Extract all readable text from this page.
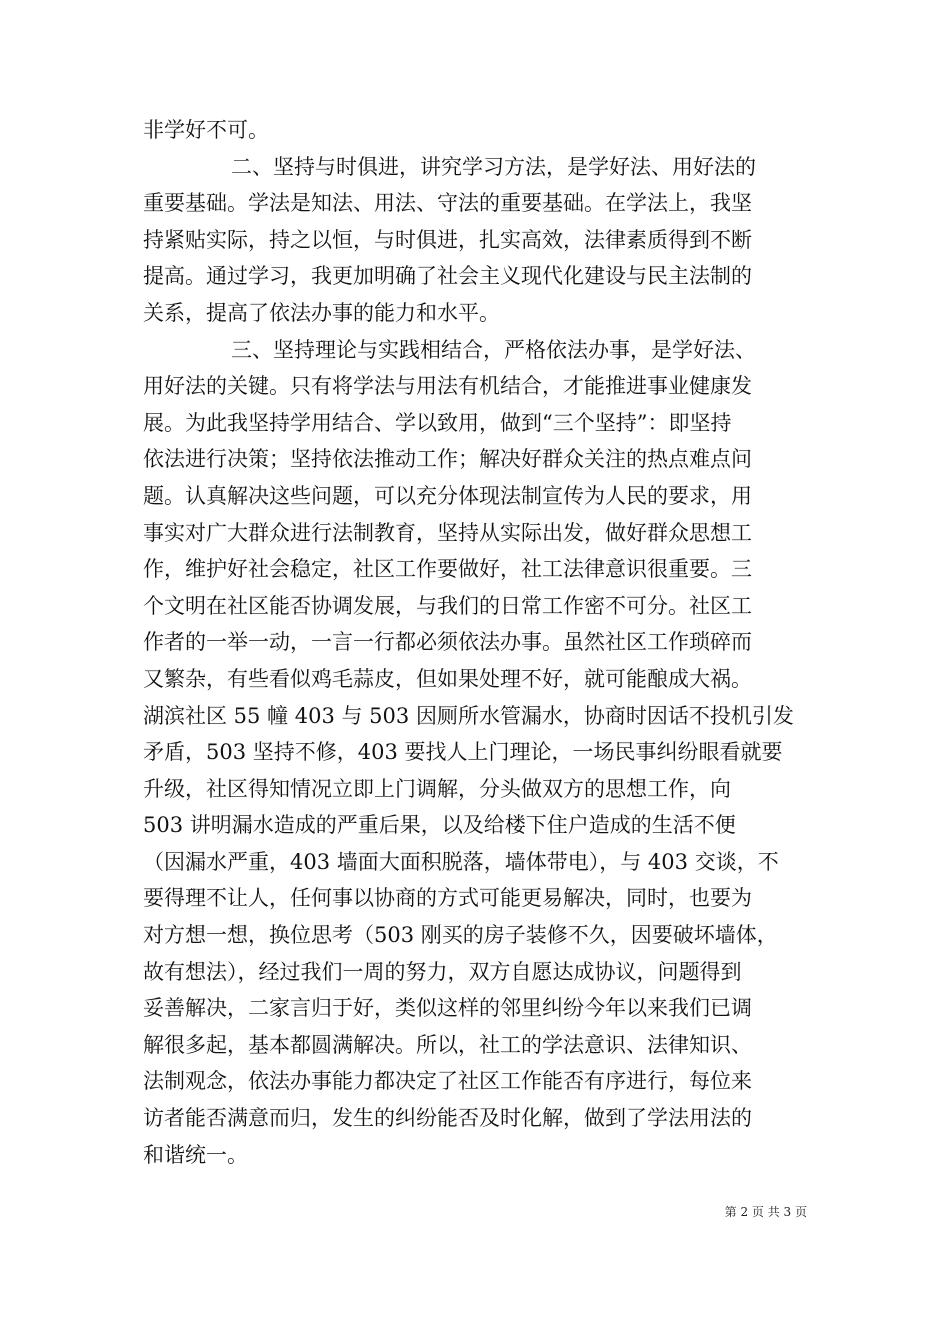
非学好不可。
二、坚持与时俱进，讲究学习方法，是学好法、用好法的
重要基础。学法是知法、用法、守法的重要基础。在学法上，我坚
持紧贴实际，持之以恒，与时俱进，扎实高效，法律素质得到不断
提高。通过学习，我更加明确了社会主义现代化建设与民主法制的
关系，提高了依法办事的能力和水平。
三、坚持理论与实践相结合，严格依法办事，是学好法、
用好法的关键。只有将学法与用法有机结合，才能推进事业健康发
展。为此我坚持学用结合、学以致用，做到“三个坚持”：即坚持
依法进行决策；坚持依法推动工作；解决好群众关注的热点难点问
题。认真解决这些问题，可以充分体现法制宣传为人民的要求，用
事实对广大群众进行法制教育，坚持从实际出发，做好群众思想工
作，维护好社会稳定，社区工作要做好，社工法律意识很重要。三
个文明在社区能否协调发展，与我们的日常工作密不可分。社区工
作者的一举一动，一言一行都必须依法办事。虽然社区工作琐碎而
又繁杂，有些看似鸡毛蒜皮，但如果处理不好，就可能酿成大祸。
湖滨社区 55 幢 403 与 503 因厕所水管漏水，协商时因话不投机引发
矛盾，503 坚持不修，403 要找人上门理论，一场民事纠纷眼看就要
升级，社区得知情况立即上门调解，分头做双方的思想工作，向
503 讲明漏水造成的严重后果，以及给楼下住户造成的生活不便
（因漏水严重，403 墙面大面积脱落，墙体带电），与 403 交谈，不
要得理不让人，任何事以协商的方式可能更易解决，同时，也要为
对方想一想，换位思考（503 刚买的房子装修不久，因要破坏墙体，
故有想法），经过我们一周的努力，双方自愿达成协议，问题得到
妥善解决，二家言归于好，类似这样的邻里纠纷今年以来我们已调
解很多起，基本都圆满解决。所以，社工的学法意识、法律知识、
法制观念，依法办事能力都决定了社区工作能否有序进行，每位来
访者能否满意而归，发生的纠纷能否及时化解，做到了学法用法的
和谐统一。
第 2 页 共 3 页
